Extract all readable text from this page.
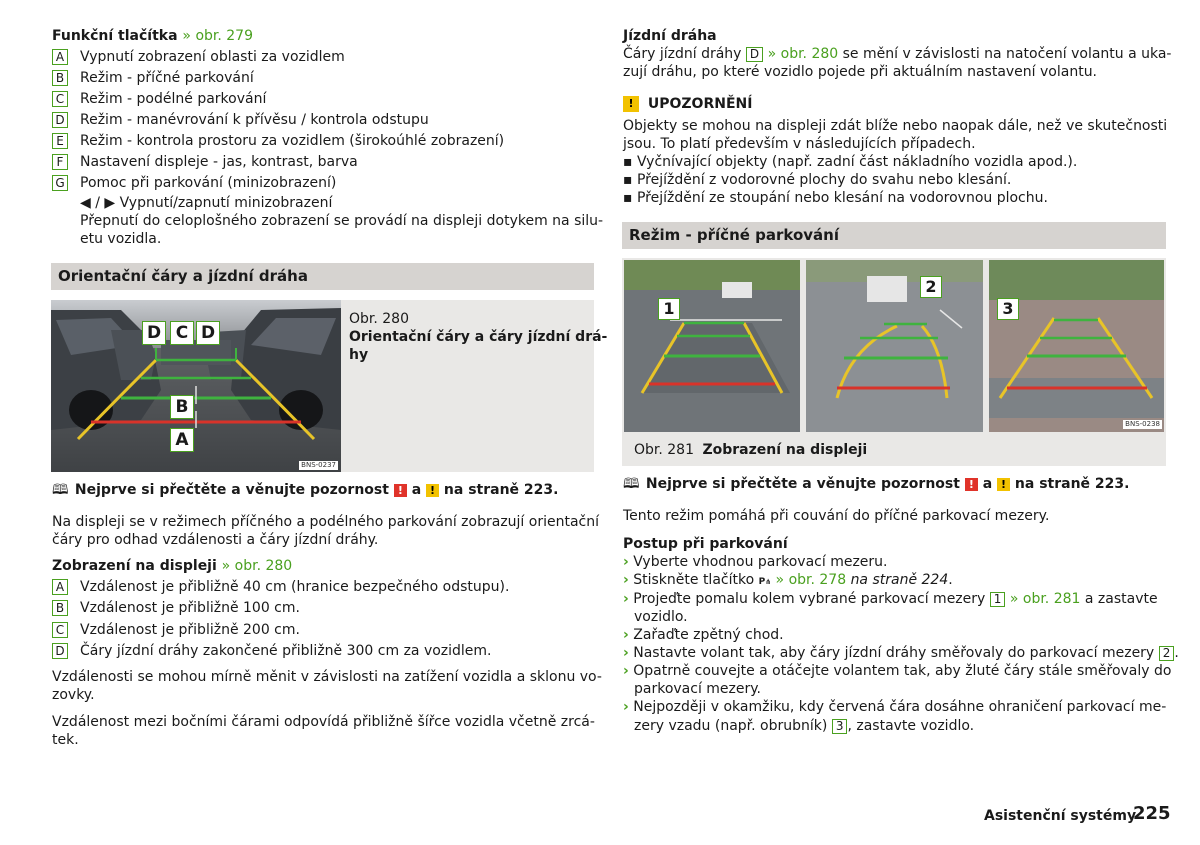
Funkční tlačítka » obr. 279
A Vypnutí zobrazení oblasti za vozidlem
B Režim - příčné parkování
C Režim - podélné parkování
D Režim - manévrování k přívěsu / kontrola odstupu
E Režim - kontrola prostoru za vozidlem (širokoúhlé zobrazení)
F Nastavení displeje - jas, kontrast, barva
G Pomoc při parkování (minizobrazení)
◀ / ▶ Vypnutí/zapnutí minizobrazení
Přepnutí do celoplošného zobrazení se provádí na displeji dotykem na silu-
etu vozidla.
Orientační čáry a jízdní dráha
D C D
B
A
BNS-0237
Obr. 280
Orientační čáry a čáry jízdní drá-
hy
🕮 Nejprve si přečtěte a věnujte pozornost ! a ! na straně 223.
Na displeji se v režimech příčného a podélného parkování zobrazují orientační
čáry pro odhad vzdálenosti a čáry jízdní dráhy.
Zobrazení na displeji » obr. 280
A Vzdálenost je přibližně 40 cm (hranice bezpečného odstupu).
B Vzdálenost je přibližně 100 cm.
C Vzdálenost je přibližně 200 cm.
D Čáry jízdní dráhy zakončené přibližně 300 cm za vozidlem.
Vzdálenosti se mohou mírně měnit v závislosti na zatížení vozidla a sklonu vo-
zovky.
Vzdálenost mezi bočními čárami odpovídá přibližně šířce vozidla včetně zrcá-
tek.
Jízdní dráha
Čáry jízdní dráhy D » obr. 280 se mění v závislosti na natočení volantu a uka-
zují dráhu, po které vozidlo pojede při aktuálním nastavení volantu.
! UPOZORNĚNÍ
Objekty se mohou na displeji zdát blíže nebo naopak dále, než ve skutečnosti
jsou. To platí především v následujících případech.
▪ Vyčnívající objekty (např. zadní část nákladního vozidla apod.).
▪ Přejíždění z vodorovné plochy do svahu nebo klesání.
▪ Přejíždění ze stoupání nebo klesání na vodorovnou plochu.
Režim - příčné parkování
1
2
3
BNS-0238
Obr. 281 Zobrazení na displeji
🕮 Nejprve si přečtěte a věnujte pozornost ! a ! na straně 223.
Tento režim pomáhá při couvání do příčné parkovací mezery.
Postup při parkování
› Vyberte vhodnou parkovací mezeru.
› Stiskněte tlačítko P⋔ » obr. 278 na straně 224.
› Projeďte pomalu kolem vybrané parkovací mezery 1 » obr. 281 a zastavte
vozidlo.
› Zařaďte zpětný chod.
› Nastavte volant tak, aby čáry jízdní dráhy směřovaly do parkovací mezery 2 .
› Opatrně couvejte a otáčejte volantem tak, aby žluté čáry stále směřovaly do
parkovací mezery.
› Nejpozději v okamžiku, kdy červená čára dosáhne ohraničení parkovací me-
zery vzadu (např. obrubník) 3 , zastavte vozidlo.
Asistenční systémy
225
